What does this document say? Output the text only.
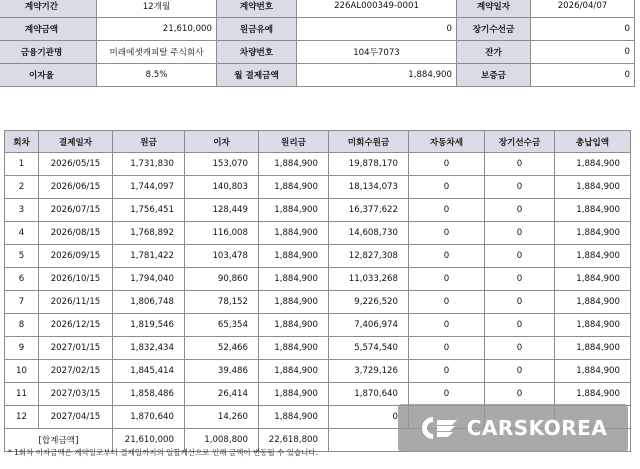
계약기간	12개월	계약번호	226AL000349-0001	계약일자	2026/04/07
계약금액	21,610,000	원금유예	0	장기수선금	0
금융기관명	미래에셋캐피탈 주식회사	차량번호	104두7073	잔가	0
이자율	8.5%	월 결제금액	1,884,900	보증금	0
회차	결제일자	원금	이자	원리금	미회수원금	자동차세	장기선수금	총납입액
1	2026/05/15	1,731,830	153,070	1,884,900	19,878,170	0	0	1,884,900
2	2026/06/15	1,744,097	140,803	1,884,900	18,134,073	0	0	1,884,900
3	2026/07/15	1,756,451	128,449	1,884,900	16,377,622	0	0	1,884,900
4	2026/08/15	1,768,892	116,008	1,884,900	14,608,730	0	0	1,884,900
5	2026/09/15	1,781,422	103,478	1,884,900	12,827,308	0	0	1,884,900
6	2026/10/15	1,794,040	90,860	1,884,900	11,033,268	0	0	1,884,900
7	2026/11/15	1,806,748	78,152	1,884,900	9,226,520	0	0	1,884,900
8	2026/12/15	1,819,546	65,354	1,884,900	7,406,974	0	0	1,884,900
9	2027/01/15	1,832,434	52,466	1,884,900	5,574,540	0	0	1,884,900
10	2027/02/15	1,845,414	39,486	1,884,900	3,729,126	0	0	1,884,900
11	2027/03/15	1,858,486	26,414	1,884,900	1,870,640	0	0	1,884,900
12	2027/04/15	1,870,640	14,260	1,884,900	0			
[합계금액]		21,610,000	1,008,800	22,618,800				
* 1회차 이자금액은 계약일로부터 결제일까지의 일할계산으로 인해 금액이 변동될 수 있습니다.
CARSKOREA
